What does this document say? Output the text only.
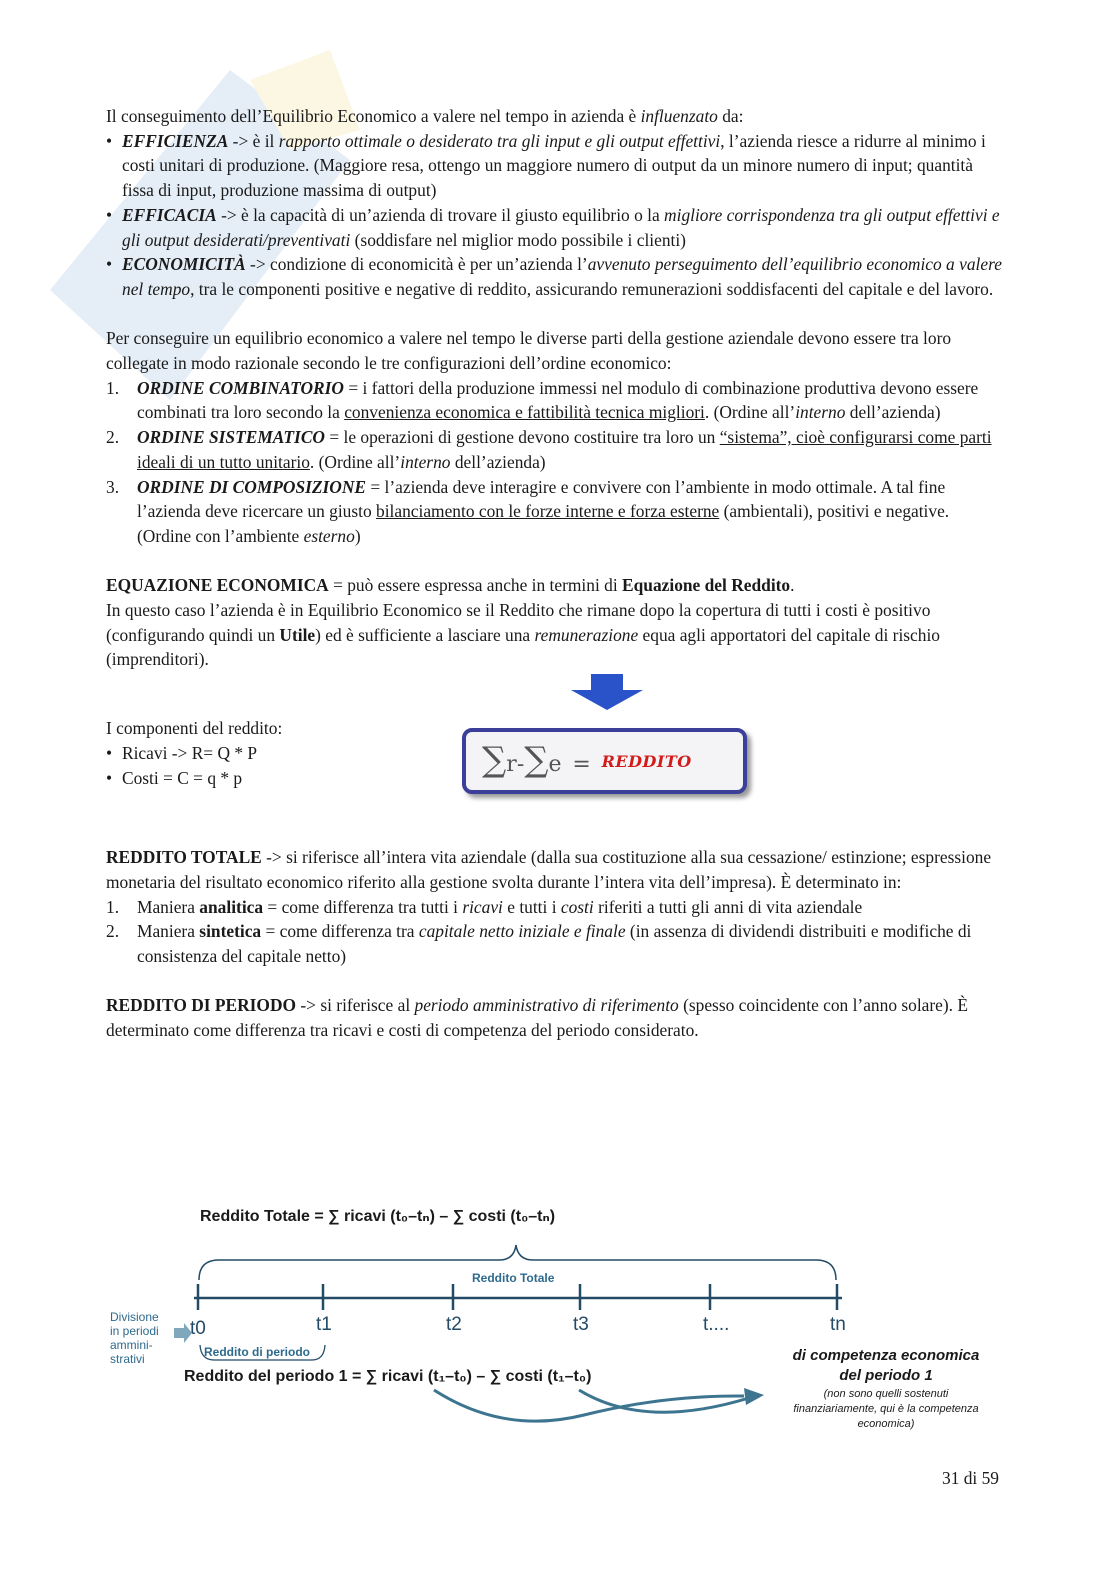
Il conseguimento dell’Equilibrio Economico a valere nel tempo in azienda è influenzato da:

• EFFICIENZA -> è il rapporto ottimale o desiderato tra gli input e gli output effettivi, l’azienda riesce a ridurre al minimo i costi unitari di produzione. (Maggiore resa, ottengo un maggiore numero di output da un minore numero di input; quantità fissa di input, produzione massima di output)
• EFFICACIA -> è la capacità di un’azienda di trovare il giusto equilibrio o la migliore corrispondenza tra gli output effettivi e gli output desiderati/preventivati (soddisfare nel miglior modo possibile i clienti)
• ECONOMICITÀ -> condizione di economicità è per un’azienda l’avvenuto perseguimento dell’equilibrio economico a valere nel tempo, tra le componenti positive e negative di reddito, assicurando remunerazioni soddisfacenti del capitale e del lavoro.

Per conseguire un equilibrio economico a valere nel tempo le diverse parti della gestione aziendale devono essere tra loro collegate in modo razionale secondo le tre configurazioni dell’ordine economico:

1. ORDINE COMBINATORIO = i fattori della produzione immessi nel modulo di combinazione produttiva devono essere combinati tra loro secondo la convenienza economica e fattibilità tecnica migliori. (Ordine all’interno dell’azienda)
2. ORDINE SISTEMATICO = le operazioni di gestione devono costituire tra loro un “sistema”, cioè configurarsi come parti ideali di un tutto unitario. (Ordine all’interno dell’azienda)
3. ORDINE DI COMPOSIZIONE = l’azienda deve interagire e convivere con l’ambiente in modo ottimale. A tal fine l’azienda deve ricercare un giusto bilanciamento con le forze interne e forza esterne (ambientali), positivi e negative. (Ordine con l’ambiente esterno)

EQUAZIONE ECONOMICA = può essere espressa anche in termini di Equazione del Reddito.
In questo caso l’azienda è in Equilibrio Economico se il Reddito che rimane dopo la copertura di tutti i costi è positivo (configurando quindi un Utile) ed è sufficiente a lasciare una remunerazione equa agli apportatori del capitale di rischio (imprenditori).

I componenti del reddito:

• Ricavi -> R= Q * P
• Costi = C = q * p	∑r-∑e = REDDITO

REDDITO TOTALE -> si riferisce all’intera vita aziendale (dalla sua costituzione alla sua cessazione/ estinzione; espressione monetaria del risultato economico riferito alla gestione svolta durante l’intera vita dell’impresa). È determinato in:

1. Maniera analitica = come differenza tra tutti i ricavi e tutti i costi riferiti a tutti gli anni di vita aziendale
2. Maniera sintetica = come differenza tra capitale netto iniziale e finale (in assenza di dividendi distribuiti e modifiche di consistenza del capitale netto)

REDDITO DI PERIODO -> si riferisce al periodo amministrativo di riferimento (spesso coincidente con l’anno solare). È determinato come differenza tra ricavi e costi di competenza del periodo considerato.

Reddito Totale = ∑ ricavi (t₀–tₙ) – ∑ costi (t₀–tₙ)
Reddito Totale
t0	t1	t2	t3	t....	tn
Divisione
in periodi
ammini-
strativi	Reddito di periodo
Reddito del periodo 1 = ∑ ricavi (t₁–t₀) – ∑ costi (t₁–t₀)
di competenza economica
del periodo 1
(non sono quelli sostenuti
finanziariamente, qui è la competenza
economica)
31 di 59
